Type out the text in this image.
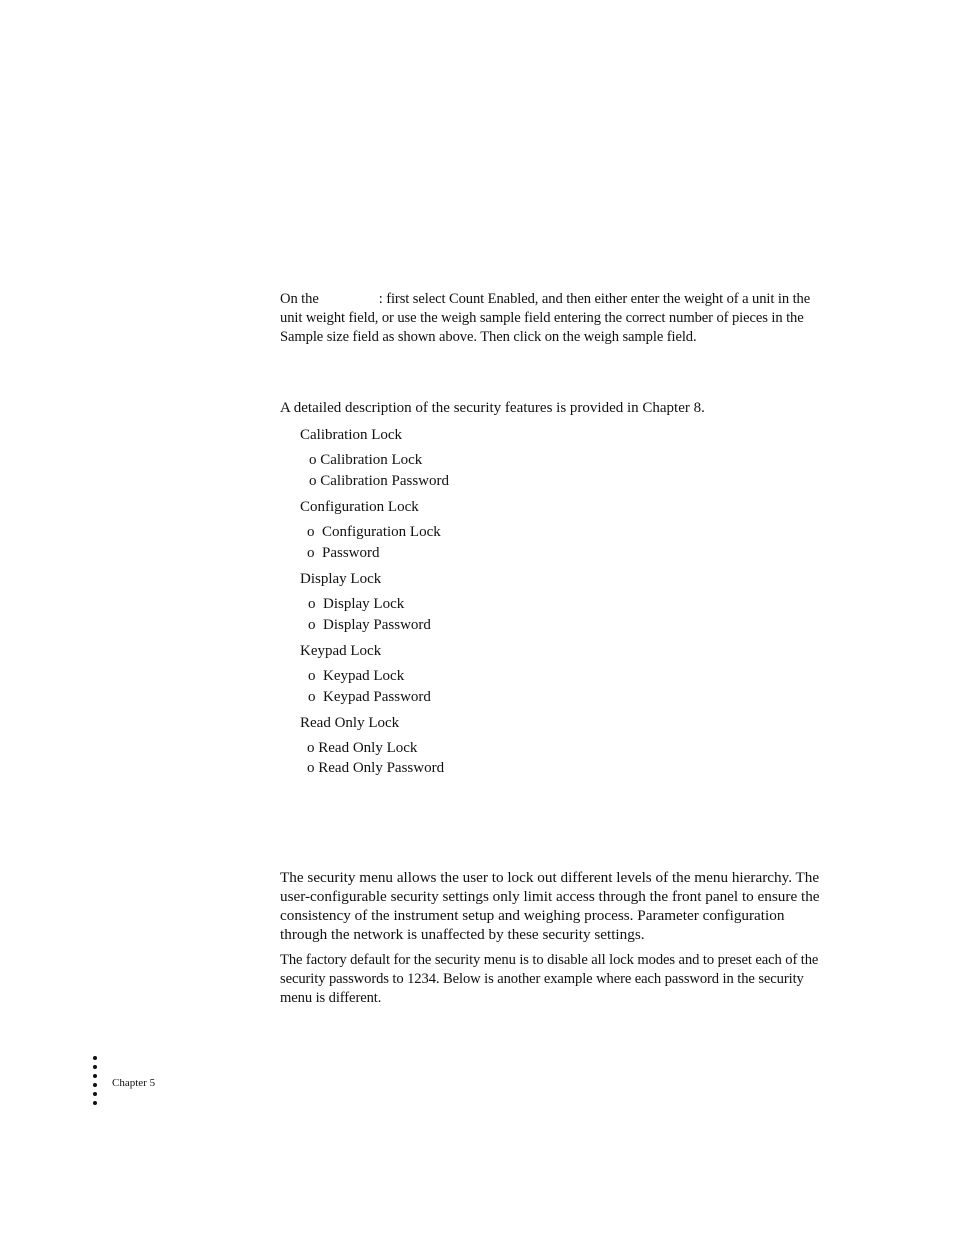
On the	: first select Count Enabled, and then either enter the weight of a unit in the unit weight field, or use the weigh sample field entering the correct number of pieces in the Sample size field as shown above. Then click on the weigh sample field.
A detailed description of the security features is provided in Chapter 8.
Calibration Lock
o Calibration Lock
o Calibration Password
Configuration Lock
o  Configuration Lock
o  Password
Display Lock
o  Display Lock
o  Display Password
Keypad Lock
o  Keypad Lock
o  Keypad Password
Read Only Lock
o Read Only Lock
o Read Only Password
The security menu allows the user to lock out different levels of the menu hierarchy. The user-configurable security settings only limit access through the front panel to ensure the consistency of the instrument setup and weighing process. Parameter configuration through the network is unaffected by these security settings.
The factory default for the security menu is to disable all lock modes and to preset each of the security passwords to 1234. Below is another example where each password in the security menu is different.
Chapter 5
